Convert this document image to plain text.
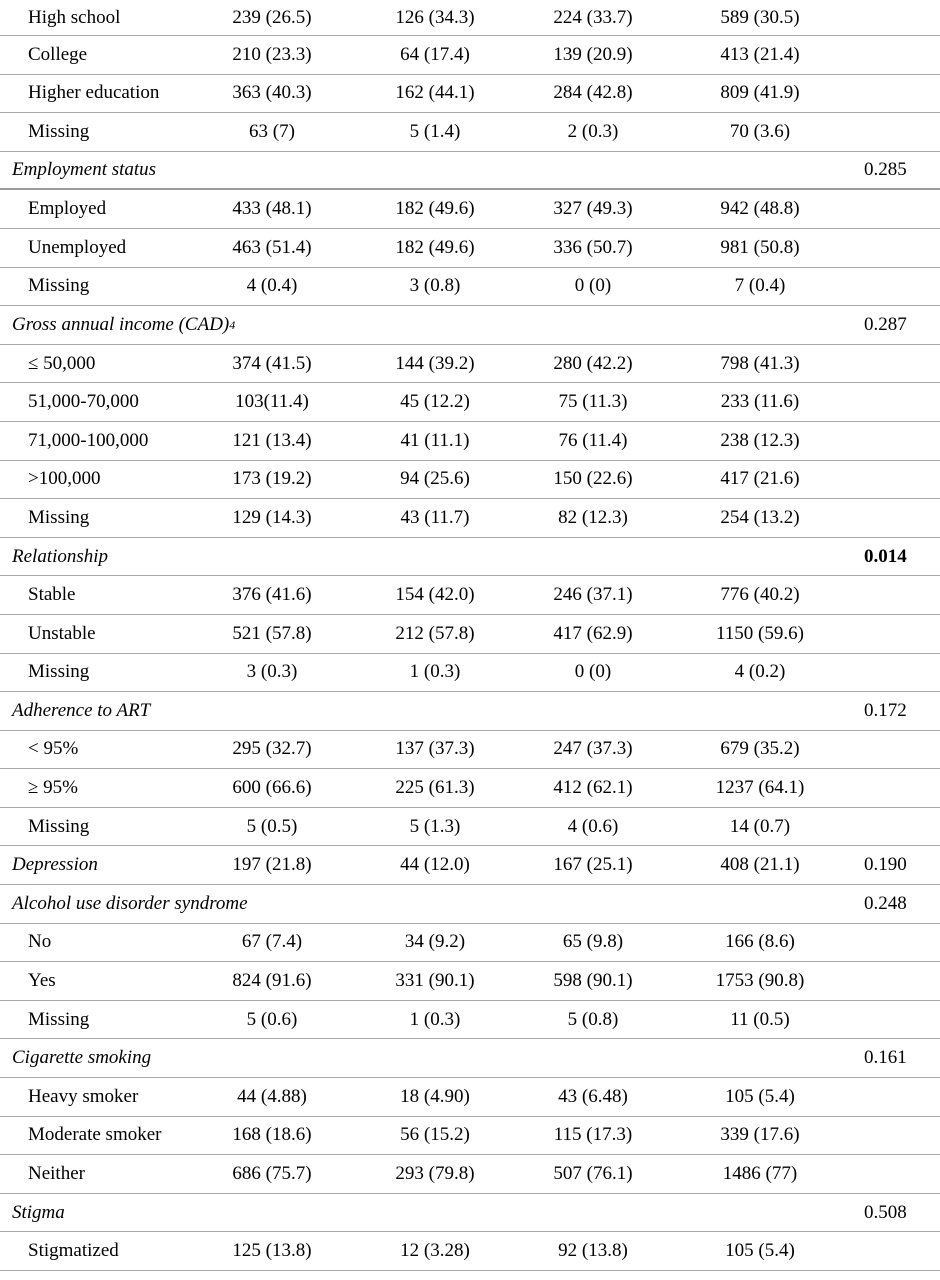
High school	239 (26.5)	126 (34.3)	224 (33.7)	589 (30.5)
College	210 (23.3)	64 (17.4)	139 (20.9)	413 (21.4)
Higher education	363 (40.3)	162 (44.1)	284 (42.8)	809 (41.9)
Missing	63 (7)	5 (1.4)	2 (0.3)	70 (3.6)
Employment status	0.285
Employed	433 (48.1)	182 (49.6)	327 (49.3)	942 (48.8)
Unemployed	463 (51.4)	182 (49.6)	336 (50.7)	981 (50.8)
Missing	4 (0.4)	3 (0.8)	0 (0)	7 (0.4)
Gross annual income (CAD) 4	0.287
≤ 50,000	374 (41.5)	144 (39.2)	280 (42.2)	798 (41.3)
51,000-70,000	103(11.4)	45 (12.2)	75 (11.3)	233 (11.6)
71,000-100,000	121 (13.4)	41 (11.1)	76 (11.4)	238 (12.3)
>100,000	173 (19.2)	94 (25.6)	150 (22.6)	417 (21.6)
Missing	129 (14.3)	43 (11.7)	82 (12.3)	254 (13.2)
Relationship	0.014
Stable	376 (41.6)	154 (42.0)	246 (37.1)	776 (40.2)
Unstable	521 (57.8)	212 (57.8)	417 (62.9)	1150 (59.6)
Missing	3 (0.3)	1 (0.3)	0 (0)	4 (0.2)
Adherence to ART	0.172
< 95%	295 (32.7)	137 (37.3)	247 (37.3)	679 (35.2)
≥ 95%	600 (66.6)	225 (61.3)	412 (62.1)	1237 (64.1)
Missing	5 (0.5)	5 (1.3)	4 (0.6)	14 (0.7)
Depression	197 (21.8)	44 (12.0)	167 (25.1)	408 (21.1)	0.190
Alcohol use disorder syndrome	0.248
No	67 (7.4)	34 (9.2)	65 (9.8)	166 (8.6)
Yes	824 (91.6)	331 (90.1)	598 (90.1)	1753 (90.8)
Missing	5 (0.6)	1 (0.3)	5 (0.8)	11 (0.5)
Cigarette smoking	0.161
Heavy smoker	44 (4.88)	18 (4.90)	43 (6.48)	105 (5.4)
Moderate smoker	168 (18.6)	56 (15.2)	115 (17.3)	339 (17.6)
Neither	686 (75.7)	293 (79.8)	507 (76.1)	1486 (77)
Stigma	0.508
Stigmatized	125 (13.8)	12 (3.28)	92 (13.8)	105 (5.4)
